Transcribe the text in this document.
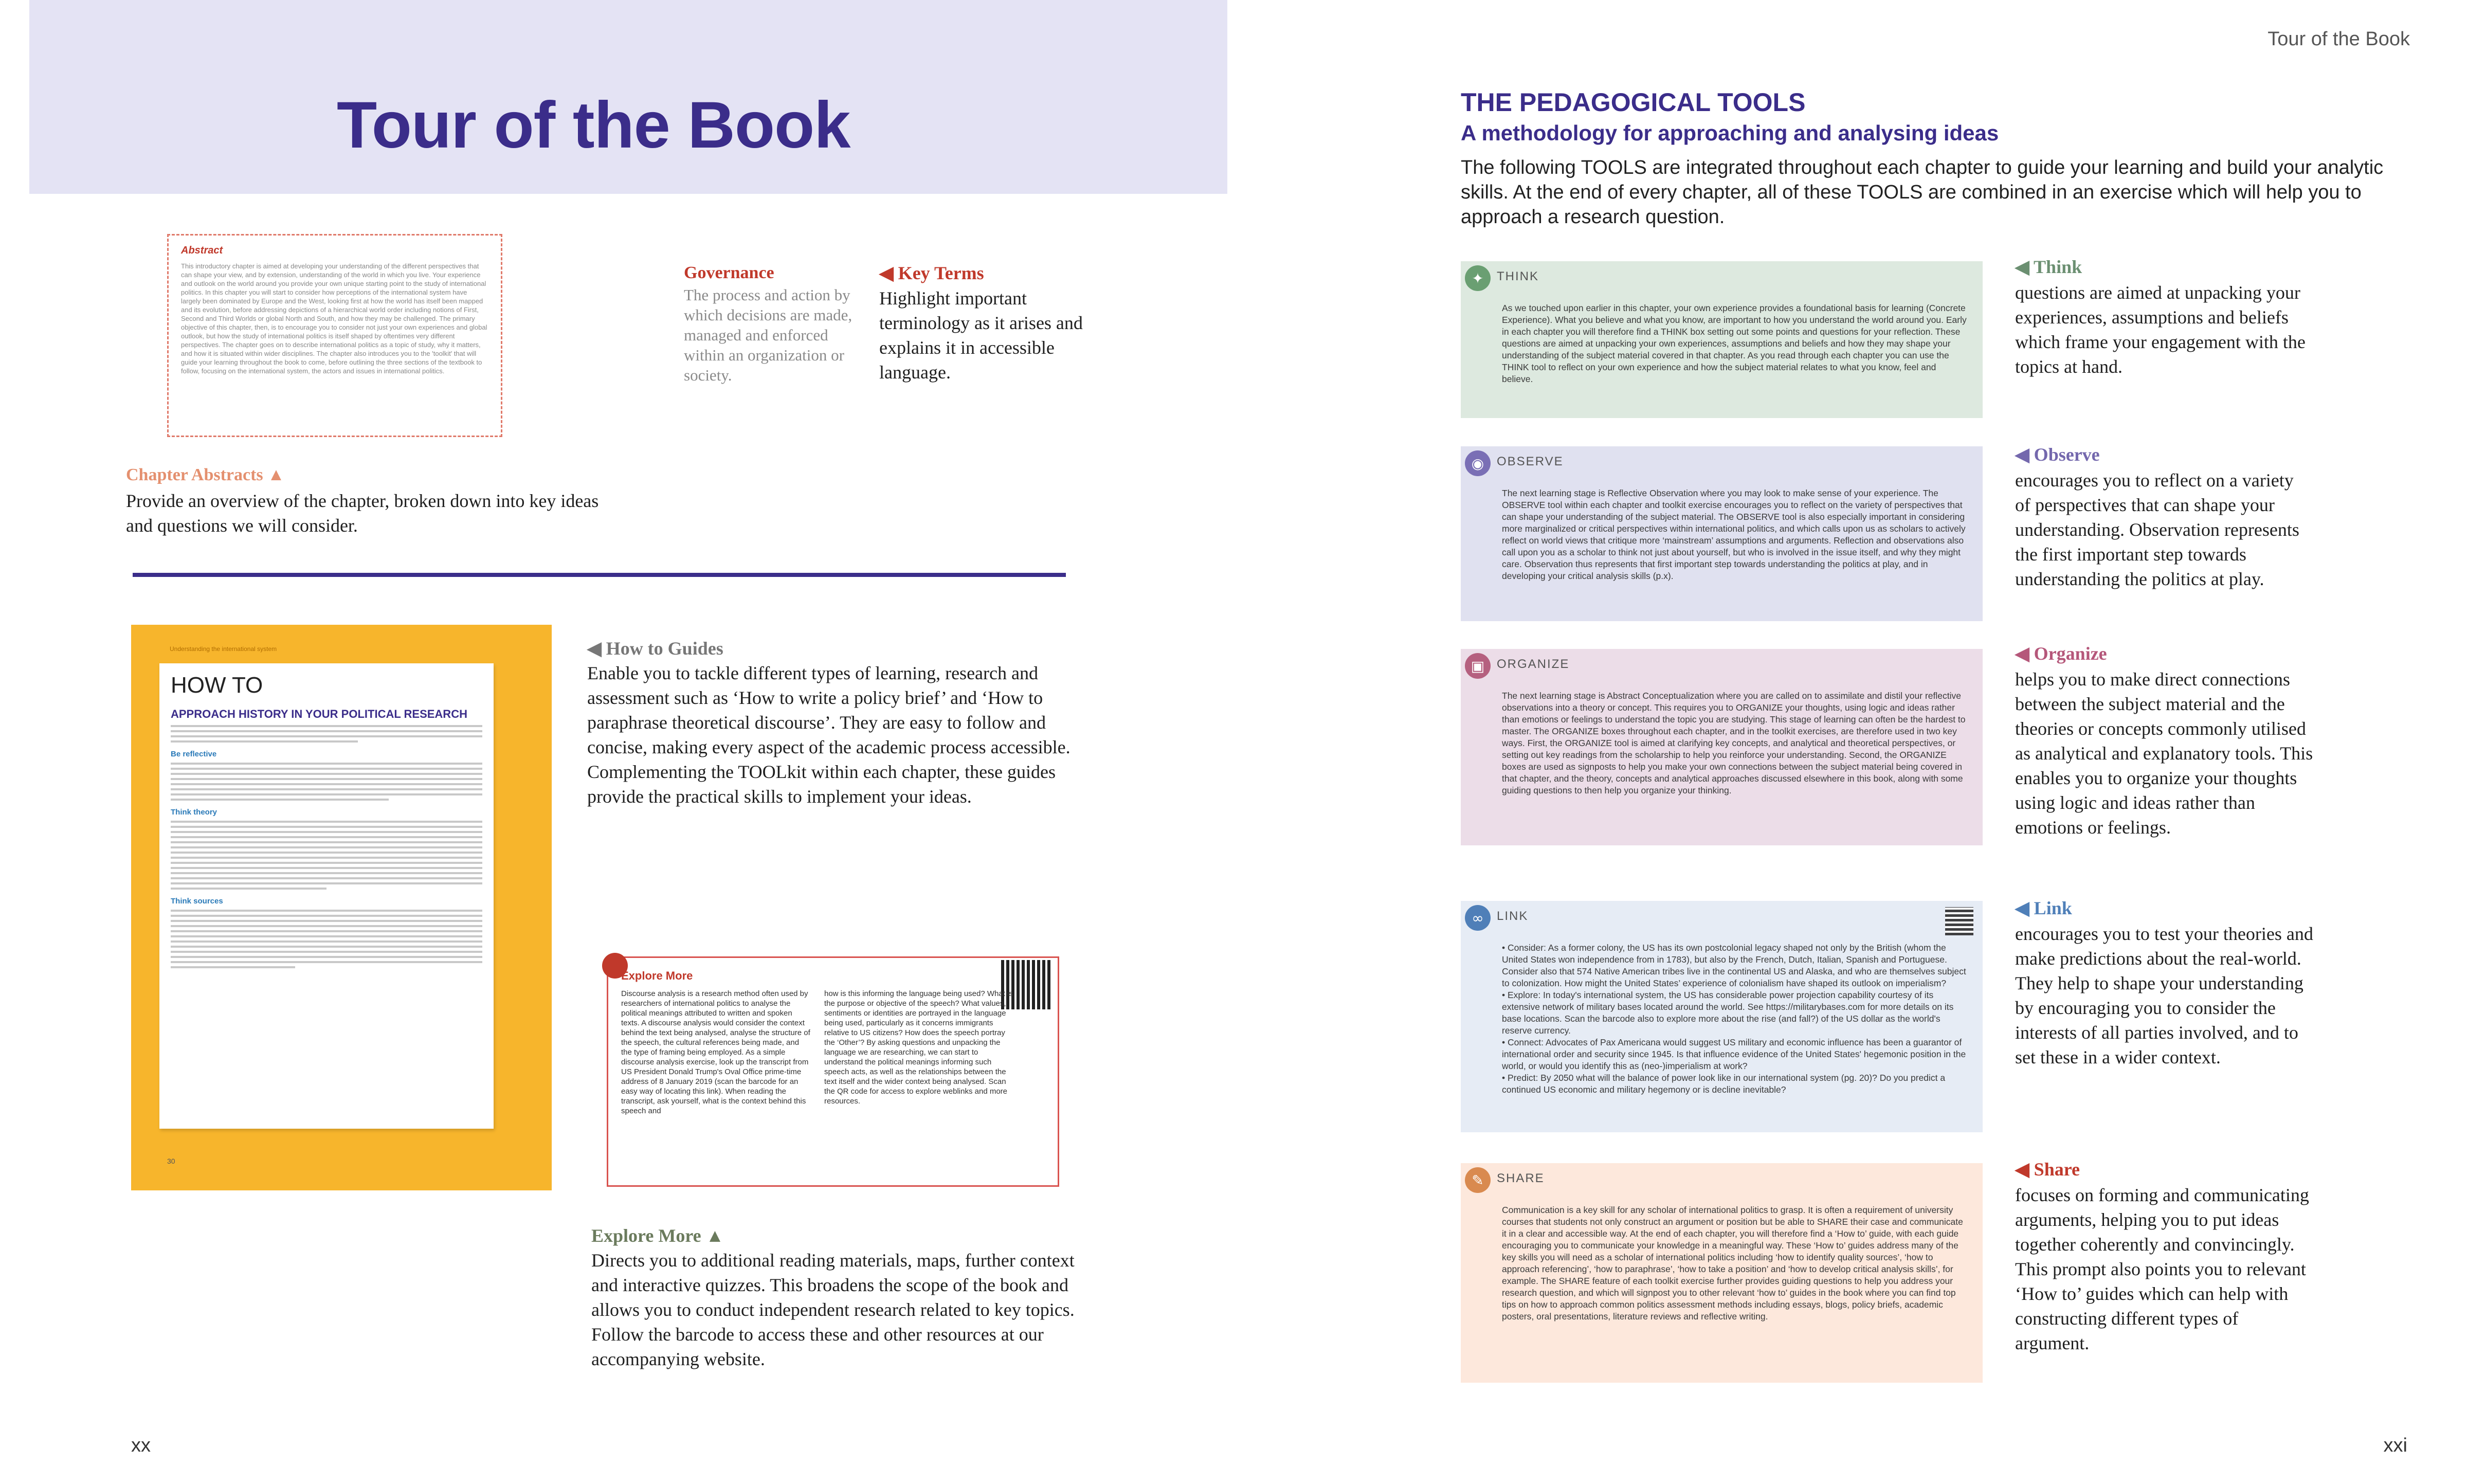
Tour of the Book
Abstract
This introductory chapter is aimed at developing your understanding of the different perspectives that can shape your view, and by extension, understanding of the world in which you live. Your experience and outlook on the world around you provide your own unique starting point to the study of international politics. In this chapter you will start to consider how perceptions of the international system have largely been dominated by Europe and the West, looking first at how the world has itself been mapped and its evolution, before addressing depictions of a hierarchical world order including notions of First, Second and Third Worlds or global North and South, and how they may be challenged. The primary objective of this chapter, then, is to encourage you to consider not just your own experiences and global outlook, but how the study of international politics is itself shaped by oftentimes very different perspectives. The chapter goes on to describe international politics as a topic of study, why it matters, and how it is situated within wider disciplines. The chapter also introduces you to the 'toolkit' that will guide your learning throughout the book to come, before outlining the three sections of the textbook to follow, focusing on the international system, the actors and issues in international politics.
Chapter Abstracts ▲
Provide an overview of the chapter, broken down into key ideas and questions we will consider.
Governance
The process and action by which decisions are made, managed and enforced within an organization or society.
◀ Key Terms
Highlight important terminology as it arises and explains it in accessible language.
Understanding the international system
HOW TO
APPROACH HISTORY IN YOUR POLITICAL RESEARCH
Be reflective
Think theory
Think sources
30
◀ How to Guides
Enable you to tackle different types of learning, research and assessment such as ‘How to write a policy brief’ and ‘How to paraphrase theoretical discourse’. They are easy to follow and concise, making every aspect of the academic process accessible. Complementing the TOOLkit within each chapter, these guides provide the practical skills to implement your ideas.
Explore More
Discourse analysis is a research method often used by researchers of international politics to analyse the political meanings attributed to written and spoken texts. A discourse analysis would consider the context behind the text being analysed, analyse the structure of the speech, the cultural references being made, and the type of framing being employed. As a simple discourse analysis exercise, look up the transcript from US President Donald Trump's Oval Office prime-time address of 8 January 2019 (scan the barcode for an easy way of locating this link). When reading the transcript, ask yourself, what is the context behind this speech and
how is this informing the language being used? What is the purpose or objective of the speech? What values, sentiments or identities are portrayed in the language being used, particularly as it concerns immigrants relative to US citizens? How does the speech portray the ‘Other’? By asking questions and unpacking the language we are researching, we can start to understand the political meanings informing such speech acts, as well as the relationships between the text itself and the wider context being analysed. Scan the QR code for access to explore weblinks and more resources.
Explore More ▲
Directs you to additional reading materials, maps, further context and interactive quizzes. This broadens the scope of the book and allows you to conduct independent research related to key topics. Follow the barcode to access these and other resources at our accompanying website.
xx
Tour of the Book
THE PEDAGOGICAL TOOLS
A methodology for approaching and analysing ideas
The following TOOLS are integrated throughout each chapter to guide your learning and build your analytic skills. At the end of every chapter, all of these TOOLS are combined in an exercise which will help you to approach a research question.
✦	THINK
As we touched upon earlier in this chapter, your own experience provides a foundational basis for learning (Concrete Experience). What you believe and what you know, are important to how you understand the world around you. Early in each chapter you will therefore find a THINK box setting out some points and questions for your reflection. These questions are aimed at unpacking your own experiences, assumptions and beliefs and how they may shape your understanding of the subject material covered in that chapter. As you read through each chapter you can use the THINK tool to reflect on your own experience and how the subject material relates to what you know, feel and believe.
◀ Think
questions are aimed at unpacking your experiences, assumptions and beliefs which frame your engagement with the topics at hand.
◉	OBSERVE
The next learning stage is Reflective Observation where you may look to make sense of your experience. The OBSERVE tool within each chapter and toolkit exercise encourages you to reflect on the variety of perspectives that can shape your understanding of the subject material. The OBSERVE tool is also especially important in considering more marginalized or critical perspectives within international politics, and which calls upon us as scholars to actively reflect on world views that critique more ‘mainstream’ assumptions and arguments. Reflection and observations also call upon you as a scholar to think not just about yourself, but who is involved in the issue itself, and why they might care. Observation thus represents that first important step towards understanding the politics at play, and in developing your critical analysis skills (p.x).
◀ Observe
encourages you to reflect on a variety of perspectives that can shape your understanding. Observation represents the first important step towards understanding the politics at play.
▣ ORGANIZE
The next learning stage is Abstract Conceptualization where you are called on to assimilate and distil your reflective observations into a theory or concept. This requires you to ORGANIZE your thoughts, using logic and ideas rather than emotions or feelings to understand the topic you are studying. This stage of learning can often be the hardest to master. The ORGANIZE boxes throughout each chapter, and in the toolkit exercises, are therefore used in two key ways. First, the ORGANIZE tool is aimed at clarifying key concepts, and analytical and theoretical perspectives, or setting out key readings from the scholarship to help you reinforce your understanding. Second, the ORGANIZE boxes are used as signposts to help you make your own connections between the subject material being covered in that chapter, and the theory, concepts and analytical approaches discussed elsewhere in this book, along with some guiding questions to then help you organize your thinking.
◀ Organize
helps you to make direct connections between the subject material and the theories or concepts commonly utilised as analytical and explanatory tools. This enables you to organize your thoughts using logic and ideas rather than emotions or feelings.
∞	LINK
• Consider: As a former colony, the US has its own postcolonial legacy shaped not only by the British (whom the United States won independence from in 1783), but also by the French, Dutch, Italian, Spanish and Portuguese. Consider also that 574 Native American tribes live in the continental US and Alaska, and who are themselves subject to colonization. How might the United States’ experience of colonialism have shaped its outlook on imperialism?
• Explore: In today's international system, the US has considerable power projection capability courtesy of its extensive network of military bases located around the world. See https://militarybases.com for more details on its base locations. Scan the barcode also to explore more about the rise (and fall?) of the US dollar as the world's reserve currency.
• Connect: Advocates of Pax Americana would suggest US military and economic influence has been a guarantor of international order and security since 1945. Is that influence evidence of the United States' hegemonic position in the world, or would you identify this as (neo-)imperialism at work?
• Predict: By 2050 what will the balance of power look like in our international system (pg. 20)? Do you predict a continued US economic and military hegemony or is decline inevitable?
◀ Link
encourages you to test your theories and make predictions about the real-world. They help to shape your understanding by encouraging you to consider the interests of all parties involved, and to set these in a wider context.
✎	SHARE
Communication is a key skill for any scholar of international politics to grasp. It is often a requirement of university courses that students not only construct an argument or position but be able to SHARE their case and communicate it in a clear and accessible way. At the end of each chapter, you will therefore find a ‘How to’ guide, with each guide encouraging you to communicate your knowledge in a meaningful way. These ‘How to’ guides address many of the key skills you will need as a scholar of international politics including ‘how to identify quality sources’, ‘how to approach referencing’, ‘how to paraphrase’, ‘how to take a position’ and ‘how to develop critical analysis skills’, for example. The SHARE feature of each toolkit exercise further provides guiding questions to help you address your research question, and which will signpost you to other relevant ‘how to’ guides in the book where you can find top tips on how to approach common politics assessment methods including essays, blogs, policy briefs, academic posters, oral presentations, literature reviews and reflective writing.
◀ Share
focuses on forming and communicating arguments, helping you to put ideas together coherently and convincingly. This prompt also points you to relevant ‘How to’ guides which can help with constructing different types of argument.
xxi
